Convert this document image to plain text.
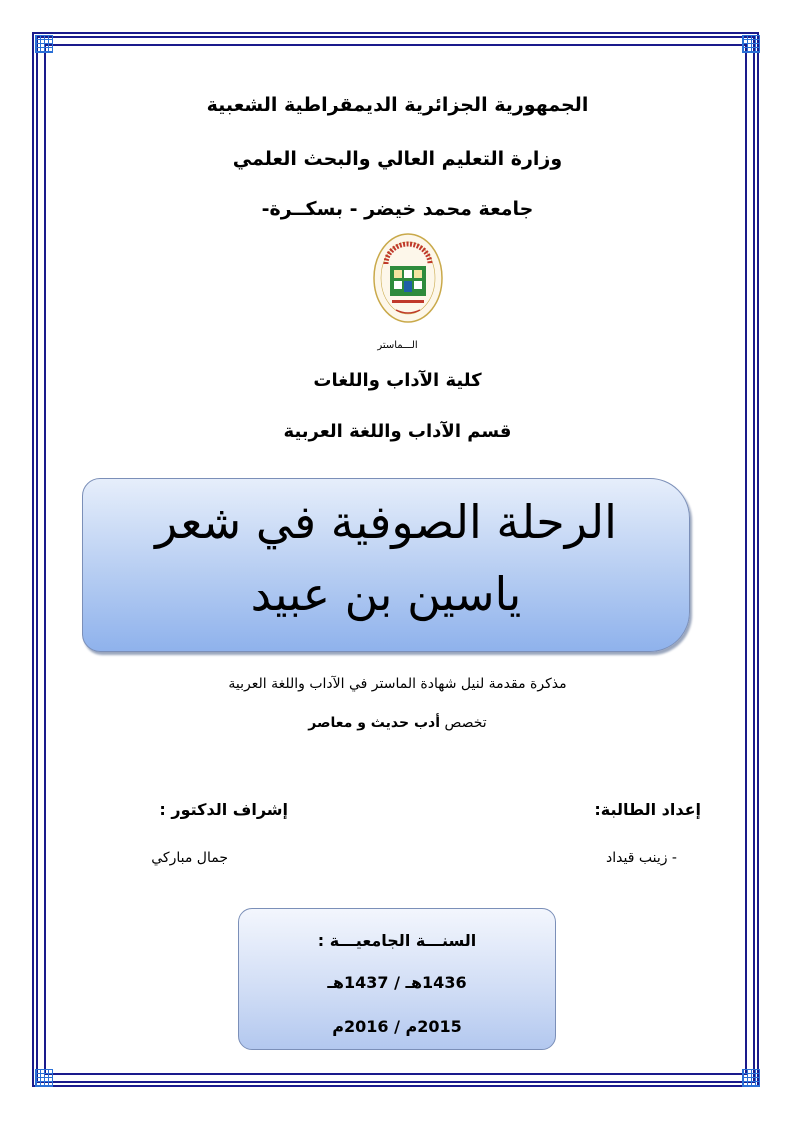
الجمهورية الجزائرية الديمقراطية الشعبية
وزارة التعليم العالي والبحث العلمي
جامعة محمد خيضر - بسكــرة-
الـــماستر
كلية الآداب واللغات
قسم الآداب واللغة العربية
الرحلة الصوفية في شعر
ياسين بن عبيد
مذكرة مقدمة لنيل شهادة الماستر في الآداب واللغة العربية
تخصص أدب حديث و معاصر
إعداد الطالبة:
إشراف الدكتور :
- زينب قيداد
جمال مباركي
السنـــة الجامعيـــة :
1436هـ / 1437هـ
2015م / 2016م
